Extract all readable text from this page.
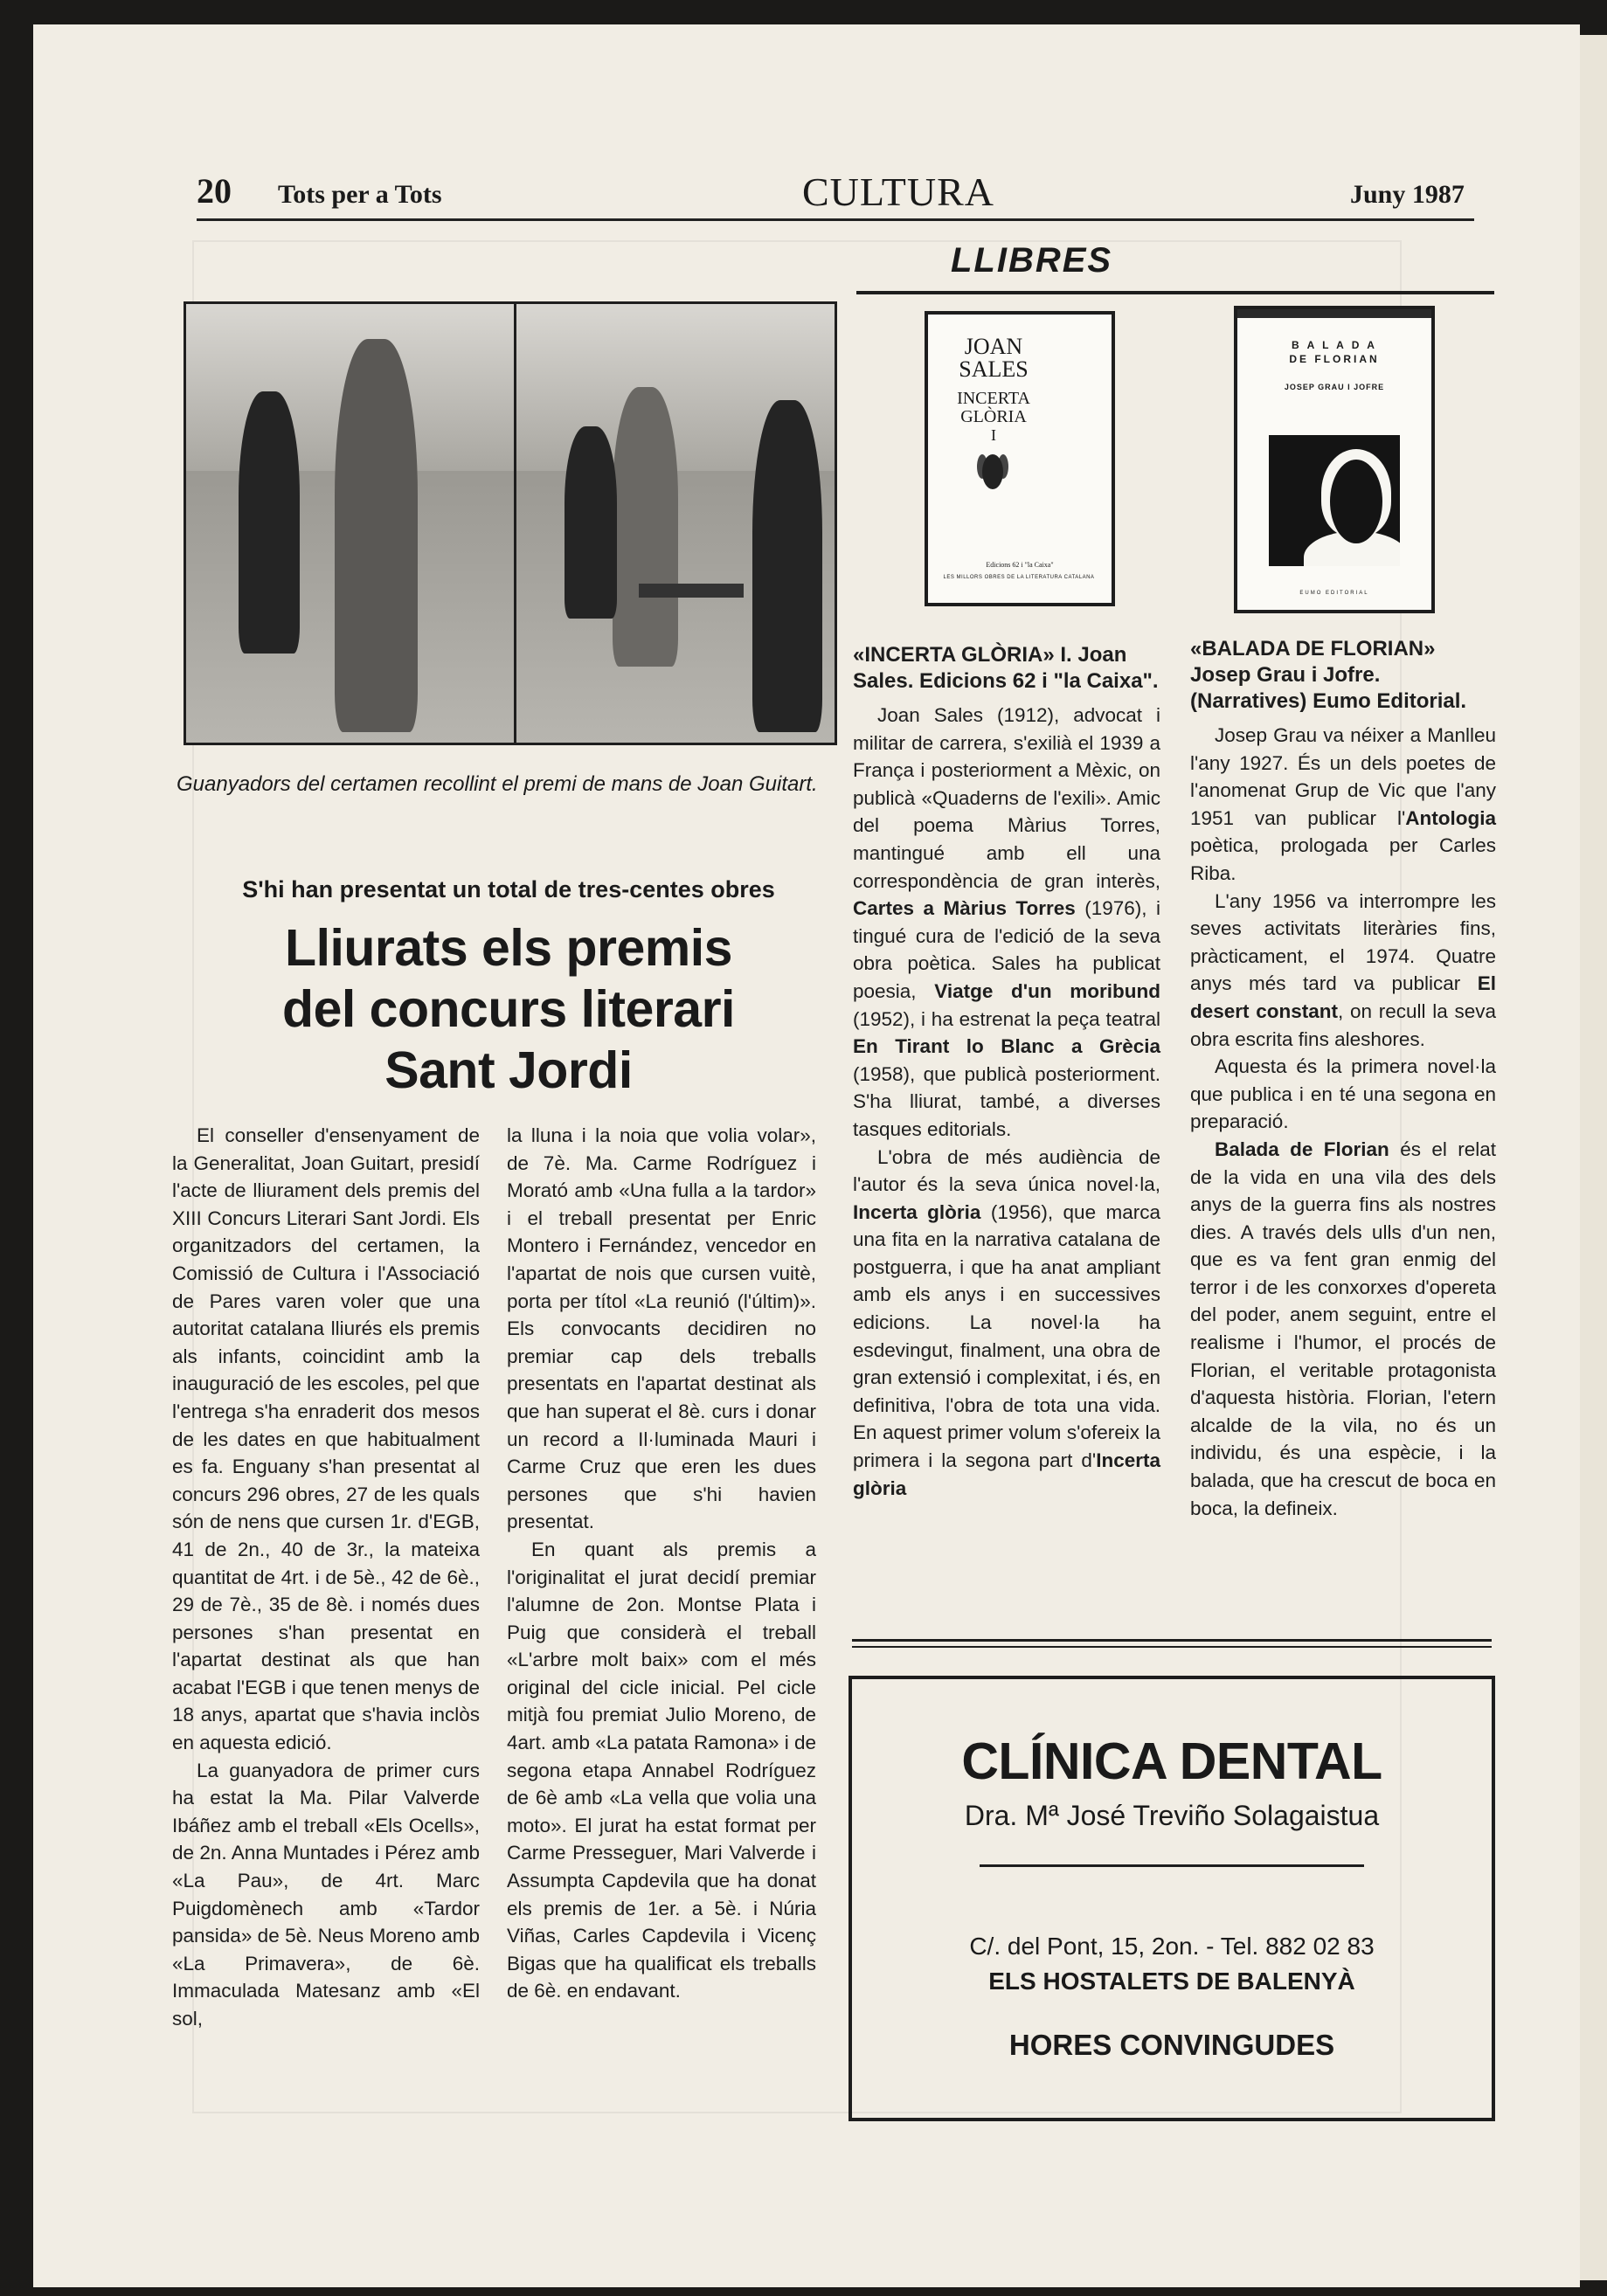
20 Tots per a Tots	CULTURA	Juny 1987
Guanyadors del certamen recollint el premi de mans de Joan Guitart.
S'hi han presentat un total de tres-centes obres
Lliurats els premis
del concurs literari
Sant Jordi

El conseller d'ensenyament de la Generalitat, Joan Guitart, presidí l'acte de lliurament dels premis del XIII Concurs Literari Sant Jordi. Els organitzadors del certamen, la Comissió de Cultura i l'Associació de Pares varen voler que una autoritat catalana lliurés els premis als infants, coincidint amb la inauguració de les escoles, pel que l'entrega s'ha enraderit dos mesos de les dates en que habitualment es fa. Enguany s'han presentat al concurs 296 obres, 27 de les quals són de nens que cursen 1r. d'EGB, 41 de 2n., 40 de 3r., la mateixa quantitat de 4rt. i de 5è., 42 de 6è., 29 de 7è., 35 de 8è. i només dues persones s'han presentat en l'apartat destinat als que han acabat l'EGB i que tenen menys de 18 anys, apartat que s'havia inclòs en aquesta edició.

La guanyadora de primer curs ha estat la Ma. Pilar Valverde Ibáñez amb el treball «Els Ocells», de 2n. Anna Muntades i Pérez amb «La Pau», de 4rt. Marc Puigdomènech amb «Tardor pansida» de 5è. Neus Moreno amb «La Primavera», de 6è. Immaculada Matesanz amb «El sol,

la lluna i la noia que volia volar», de 7è. Ma. Carme Rodríguez i Morató amb «Una fulla a la tardor» i el treball presentat per Enric Montero i Fernández, vencedor en l'apartat de nois que cursen vuitè, porta per títol «La reunió (l'últim)». Els convocants decidiren no premiar cap dels treballs presentats en l'apartat destinat als que han superat el 8è. curs i donar un record a Il·luminada Mauri i Carme Cruz que eren les dues persones que s'hi havien presentat.

En quant als premis a l'originalitat el jurat decidí premiar l'alumne de 2on. Montse Plata i Puig que considerà el treball «L'arbre molt baix» com el més original del cicle inicial. Pel cicle mitjà fou premiat Julio Moreno, de 4art. amb «La patata Ramona» i de segona etapa Annabel Rodríguez de 6è amb «La vella que volia una moto». El jurat ha estat format per Carme Presseguer, Mari Valverde i Assumpta Capdevila que ha donat els premis de 1er. a 5è. i Núria Viñas, Carles Capdevila i Vicenç Bigas que ha qualificat els treballs de 6è. en endavant.

LLIBRES
JOAN SALES
INCERTA
GLÒRIA
I
Edicions 62 i "la Caixa"
LES MILLORS OBRES DE LA LITERATURA CATALANA
B A L A D A
DE FLORIAN
JOSEP GRAU I JOFRE
EUMO EDITORIAL
«INCERTA GLÒRIA» I. Joan Sales. Edicions 62 i "la Caixa".

Joan Sales (1912), advocat i militar de carrera, s'exilià el 1939 a França i posteriorment a Mèxic, on publicà «Quaderns de l'exili». Amic del poema Màrius Torres, mantingué amb ell una correspondència de gran interès, Cartes a Màrius Torres (1976), i tingué cura de l'edició de la seva obra poètica. Sales ha publicat poesia, Viatge d'un moribund (1952), i ha estrenat la peça teatral En Tirant lo Blanc a Grècia (1958), que publicà posteriorment. S'ha lliurat, també, a diverses tasques editorials.

L'obra de més audiència de l'autor és la seva única novel·la, Incerta glòria (1956), que marca una fita en la narrativa catalana de postguerra, i que ha anat ampliant amb els anys i en successives edicions. La novel·la ha esdevingut, finalment, una obra de gran extensió i complexitat, i és, en definitiva, l'obra de tota una vida. En aquest primer volum s'ofereix la primera i la segona part d'Incerta glòria

«BALADA DE FLORIAN» Josep Grau i Jofre. (Narratives) Eumo Editorial.

Josep Grau va néixer a Manlleu l'any 1927. És un dels poetes de l'anomenat Grup de Vic que l'any 1951 van publicar l'Antologia poètica, prologada per Carles Riba.

L'any 1956 va interrompre les seves activitats literàries fins, pràcticament, el 1974. Quatre anys més tard va publicar El desert constant, on recull la seva obra escrita fins aleshores.

Aquesta és la primera novel·la que publica i en té una segona en preparació.

Balada de Florian és el relat de la vida en una vila des dels anys de la guerra fins als nostres dies. A través dels ulls d'un nen, que es va fent gran enmig del terror i de les conxorxes d'opereta del poder, anem seguint, entre el realisme i l'humor, el procés de Florian, el veritable protagonista d'aquesta història. Florian, l'etern alcalde de la vila, no és un individu, és una espècie, i la balada, que ha crescut de boca en boca, la defineix.

CLÍNICA DENTAL
Dra. Mª José Treviño Solagaistua
C/. del Pont, 15, 2on. - Tel. 882 02 83
ELS HOSTALETS DE BALENYÀ
HORES CONVINGUDES
